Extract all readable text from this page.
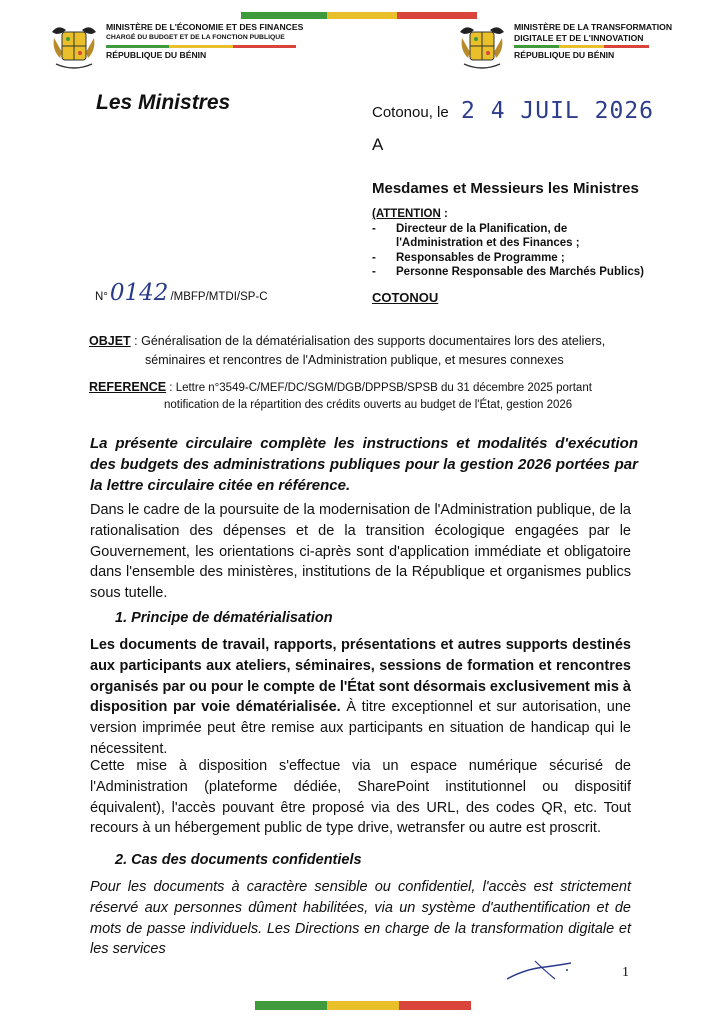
MINISTÈRE DE L'ÉCONOMIE ET DES FINANCES
CHARGÉ DU BUDGET ET DE LA FONCTION PUBLIQUE
RÉPUBLIQUE DU BÉNIN
MINISTÈRE DE LA TRANSFORMATION
DIGITALE ET DE L'INNOVATION
RÉPUBLIQUE DU BÉNIN
Les Ministres	Cotonou, le 2 4 JUIL 2026
A
Mesdames et Messieurs les Ministres
(ATTENTION :
- Directeur de la Planification, de l'Administration et des Finances ;
- Responsables de Programme ;
- Personne Responsable des Marchés Publics)
N° 0142 /MBFP/MTDI/SP-C	COTONOU
OBJET : Généralisation de la dématérialisation des supports documentaires lors des ateliers,
séminaires et rencontres de l'Administration publique, et mesures connexes
REFERENCE : Lettre n°3549-C/MEF/DC/SGM/DGB/DPPSB/SPSB du 31 décembre 2025 portant
notification de la répartition des crédits ouverts au budget de l'État, gestion 2026
La présente circulaire complète les instructions et modalités d'exécution des budgets des administrations publiques pour la gestion 2026 portées par la lettre circulaire citée en référence.
Dans le cadre de la poursuite de la modernisation de l'Administration publique, de la rationalisation des dépenses et de la transition écologique engagées par le Gouvernement, les orientations ci-après sont d'application immédiate et obligatoire dans l'ensemble des ministères, institutions de la République et organismes publics sous tutelle.
1. Principe de dématérialisation
Les documents de travail, rapports, présentations et autres supports destinés aux participants aux ateliers, séminaires, sessions de formation et rencontres organisés par ou pour le compte de l'État sont désormais exclusivement mis à disposition par voie dématérialisée. À titre exceptionnel et sur autorisation, une version imprimée peut être remise aux participants en situation de handicap qui le nécessitent.
Cette mise à disposition s'effectue via un espace numérique sécurisé de l'Administration (plateforme dédiée, SharePoint institutionnel ou dispositif équivalent), l'accès pouvant être proposé via des URL, des codes QR, etc. Tout recours à un hébergement public de type drive, wetransfer ou autre est proscrit.
2. Cas des documents confidentiels
Pour les documents à caractère sensible ou confidentiel, l'accès est strictement réservé aux personnes dûment habilitées, via un système d'authentification et de mots de passe individuels. Les Directions en charge de la transformation digitale et les services
1
